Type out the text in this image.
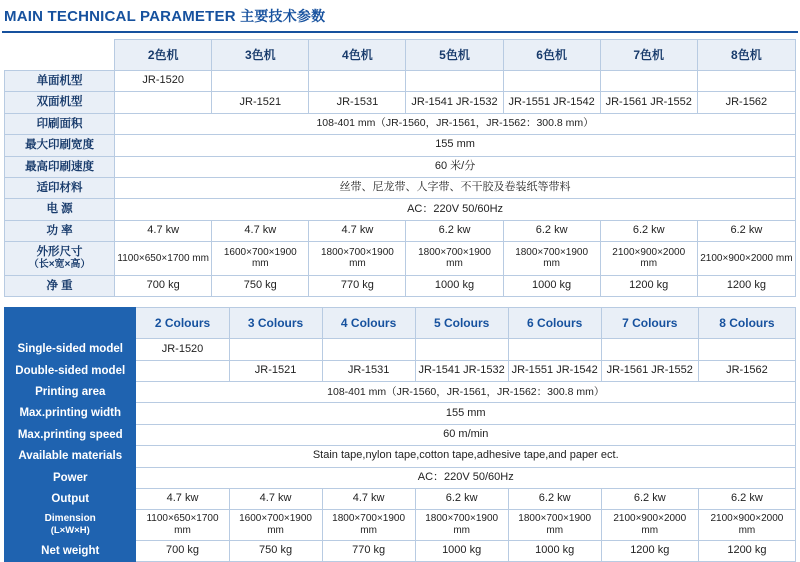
MAIN TECHNICAL PARAMETER 主要技术参数
	2色机	3色机	4色机	5色机	6色机	7色机	8色机
单面机型	JR-1520						
双面机型		JR-1521	JR-1531	JR-1541 JR-1532	JR-1551 JR-1542	JR-1561 JR-1552	JR-1562
印刷面积	108-401 mm（JR-1560，JR-1561，JR-1562：300.8 mm）						
最大印刷宽度	155 mm						
最高印刷速度	60 米/分						
适印材料	丝带、尼龙带、人字带、不干胶及卷装纸等带料						
电 源	AC：220V 50/60Hz						
功 率	4.7 kw	4.7 kw	4.7 kw	6.2 kw	6.2 kw	6.2 kw	6.2 kw

外形尺寸
（长×宽×高）	1100×650×1700 mm	1600×700×1900 mm	1800×700×1900 mm	1800×700×1900 mm	1800×700×1900 mm	2100×900×2000 mm	2100×900×2000 mm
净 重	700 kg	750 kg	770 kg	1000 kg	1000 kg	1200 kg	1200 kg
	2 Colours	3 Colours	4 Colours	5 Colours	6 Colours	7 Colours	8 Colours
Single-sided model	JR-1520						
Double-sided model		JR-1521	JR-1531	JR-1541 JR-1532	JR-1551 JR-1542	JR-1561 JR-1552	JR-1562
Printing area	108-401 mm（JR-1560，JR-1561，JR-1562：300.8 mm）						
Max.printing width	155 mm						
Max.printing speed	60 m/min						
Available materials	Stain tape,nylon tape,cotton tape,adhesive tape,and paper ect.						
Power	AC：220V 50/60Hz						
Output	4.7 kw	4.7 kw	4.7 kw	6.2 kw	6.2 kw	6.2 kw	6.2 kw

Dimension
(L×W×H)	1100×650×1700 mm	1600×700×1900 mm	1800×700×1900 mm	1800×700×1900 mm	1800×700×1900 mm	2100×900×2000 mm	2100×900×2000 mm
Net weight	700 kg	750 kg	770 kg	1000 kg	1000 kg	1200 kg	1200 kg
